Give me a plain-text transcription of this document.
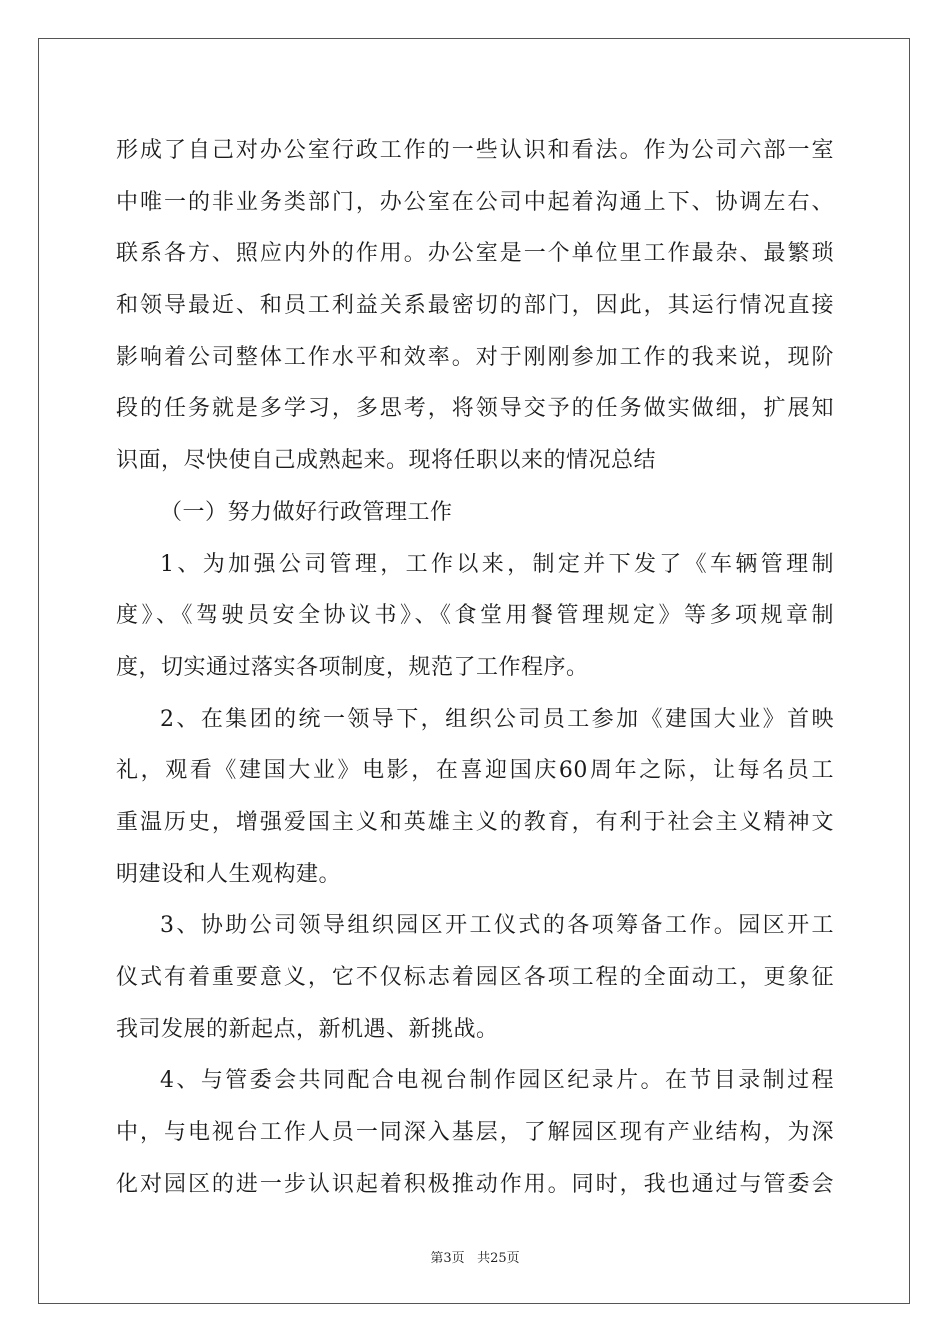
形成了自己对办公室行政工作的一些认识和看法。作为公司六部一室
中唯一的非业务类部门，办公室在公司中起着沟通上下、协调左右、
联系各方、照应内外的作用。办公室是一个单位里工作最杂、最繁琐
和领导最近、和员工利益关系最密切的部门，因此，其运行情况直接
影响着公司整体工作水平和效率。对于刚刚参加工作的我来说，现阶
段的任务就是多学习，多思考，将领导交予的任务做实做细，扩展知
识面，尽快使自己成熟起来。现将任职以来的情况总结
（一）努力做好行政管理工作
1、为加强公司管理，工作以来，制定并下发了《车辆管理制
度》、《驾驶员安全协议书》、《食堂用餐管理规定》等多项规章制
度，切实通过落实各项制度，规范了工作程序。
2、在集团的统一领导下，组织公司员工参加《建国大业》首映
礼，观看《建国大业》电影，在喜迎国庆60周年之际，让每名员工
重温历史，增强爱国主义和英雄主义的教育，有利于社会主义精神文
明建设和人生观构建。
3、协助公司领导组织园区开工仪式的各项筹备工作。园区开工
仪式有着重要意义，它不仅标志着园区各项工程的全面动工，更象征
我司发展的新起点，新机遇、新挑战。
4、与管委会共同配合电视台制作园区纪录片。在节目录制过程
中，与电视台工作人员一同深入基层，了解园区现有产业结构，为深
化对园区的进一步认识起着积极推动作用。同时，我也通过与管委会
第3页 共25页
